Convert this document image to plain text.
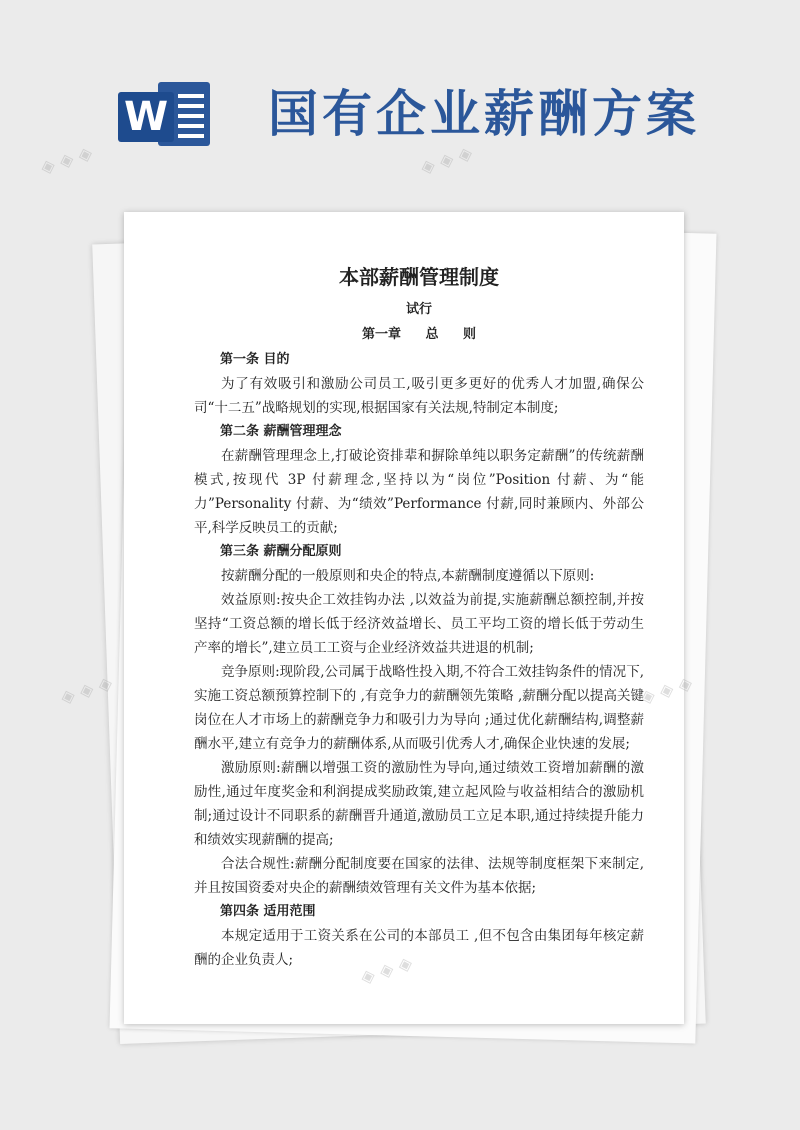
W 国有企业薪酬方案
本部薪酬管理制度
试行
第一章 总 则
第一条 目的

为了有效吸引和激励公司员工,吸引更多更好的优秀人才加盟,确保公司“十二五”战略规划的实现,根据国家有关法规,特制定本制度;

第二条 薪酬管理理念

在薪酬管理理念上,打破论资排辈和摒除单纯以职务定薪酬”的传统薪酬模式,按现代 3P 付薪理念,坚持以为“岗位”Position 付薪、为“能力”Personality 付薪、为“绩效”Performance 付薪,同时兼顾内、外部公平,科学反映员工的贡献;

第三条 薪酬分配原则

按薪酬分配的一般原则和央企的特点,本薪酬制度遵循以下原则:

效益原则:按央企工效挂钩办法 ,以效益为前提,实施薪酬总额控制,并按坚持“工资总额的增长低于经济效益增长、员工平均工资的增长低于劳动生产率的增长”,建立员工工资与企业经济效益共进退的机制;

竞争原则:现阶段,公司属于战略性投入期,不符合工效挂钩条件的情况下,实施工资总额预算控制下的 ,有竞争力的薪酬领先策略 ,薪酬分配以提高关键岗位在人才市场上的薪酬竞争力和吸引力为导向 ;通过优化薪酬结构,调整薪酬水平,建立有竞争力的薪酬体系,从而吸引优秀人才,确保企业快速的发展;

激励原则:薪酬以增强工资的激励性为导向,通过绩效工资增加薪酬的激励性,通过年度奖金和利润提成奖励政策,建立起风险与收益相结合的激励机制;通过设计不同职系的薪酬晋升通道,激励员工立足本职,通过持续提升能力和绩效实现薪酬的提高;

合法合规性:薪酬分配制度要在国家的法律、法规等制度框架下来制定,并且按国资委对央企的薪酬绩效管理有关文件为基本依据;

第四条 适用范围

本规定适用于工资关系在公司的本部员工 ,但不包含由集团每年核定薪酬的企业负责人;

◈ ◈ ◈	◈ ◈ ◈
◈ ◈ ◈	◈ ◈ ◈
◈ ◈ ◈
